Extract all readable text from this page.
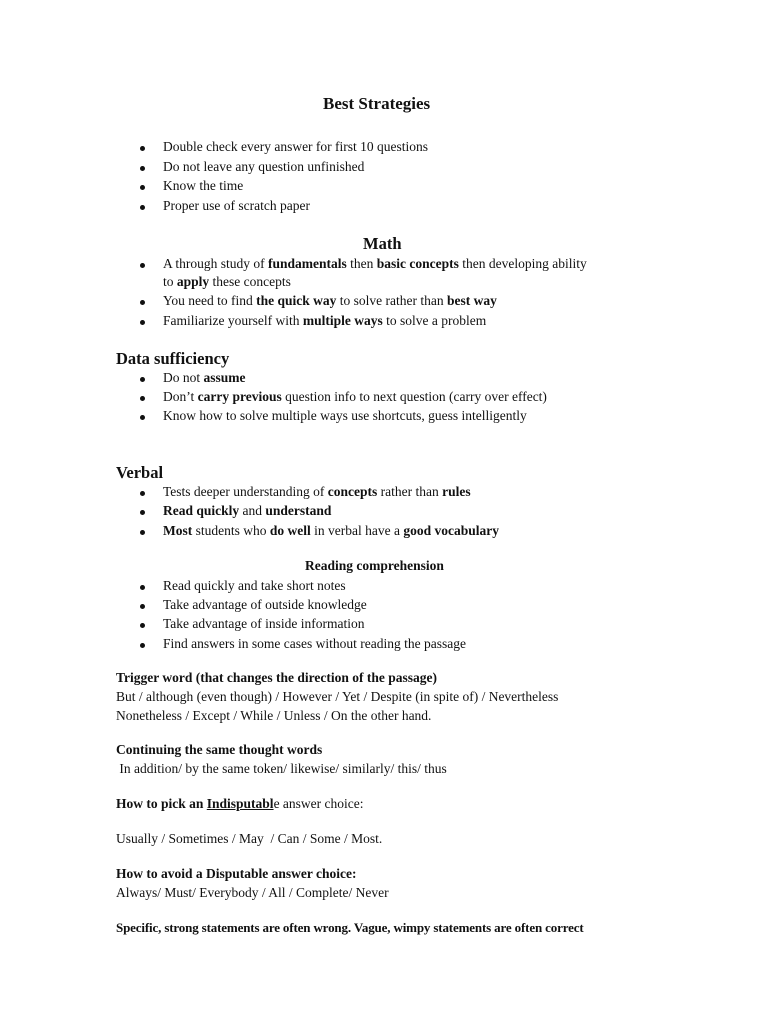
Best Strategies
Double check every answer for first 10 questions
Do not leave any question unfinished
Know the time
Proper use of scratch paper
Math
A through study of fundamentals then basic concepts then developing ability
to apply these concepts
You need to find the quick way to solve rather than best way
Familiarize yourself with multiple ways to solve a problem
Data sufficiency
Do not assume
Don’t carry previous question info to next question (carry over effect)
Know how to solve multiple ways use shortcuts, guess intelligently
Verbal
Tests deeper understanding of concepts rather than rules
Read quickly and understand
Most students who do well in verbal have a good vocabulary
Reading comprehension
Read quickly and take short notes
Take advantage of outside knowledge
Take advantage of inside information
Find answers in some cases without reading the passage
Trigger word (that changes the direction of the passage)
But / although (even though) / However / Yet / Despite (in spite of) / Nevertheless
Nonetheless / Except / While / Unless / On the other hand.
Continuing the same thought words
In addition/ by the same token/ likewise/ similarly/ this/ thus
How to pick an Indisputable answer choice:
Usually / Sometimes / May  / Can / Some / Most.
How to avoid a Disputable answer choice:
Always/ Must/ Everybody / All / Complete/ Never
Specific, strong statements are often wrong. Vague, wimpy statements are often correct
